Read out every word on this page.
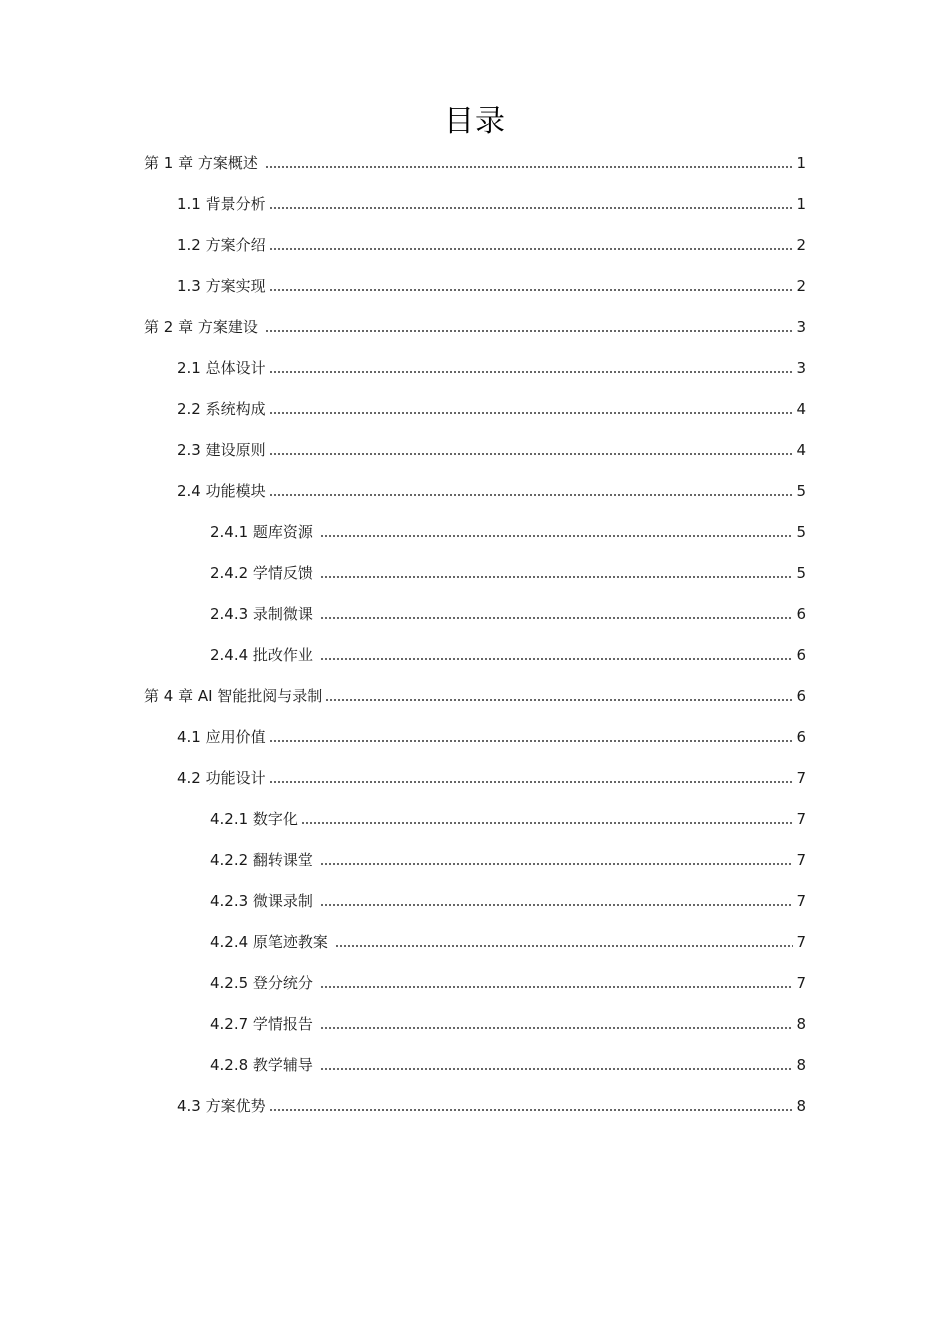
目录
第 1 章 方案概述	1
1.1 背景分析	1
1.2 方案介绍	2
1.3 方案实现	2
第 2 章 方案建设	3
2.1 总体设计	3
2.2 系统构成	4
2.3 建设原则	4
2.4 功能模块	5
2.4.1 题库资源	5
2.4.2 学情反馈	5
2.4.3 录制微课	6
2.4.4 批改作业	6
第 4 章 AI 智能批阅与录制	6
4.1 应用价值	6
4.2 功能设计	7
4.2.1 数字化	7
4.2.2 翻转课堂	7
4.2.3 微课录制	7
4.2.4 原笔迹教案	7
4.2.5 登分统分	7
4.2.7 学情报告	8
4.2.8 教学辅导	8
4.3 方案优势	8
